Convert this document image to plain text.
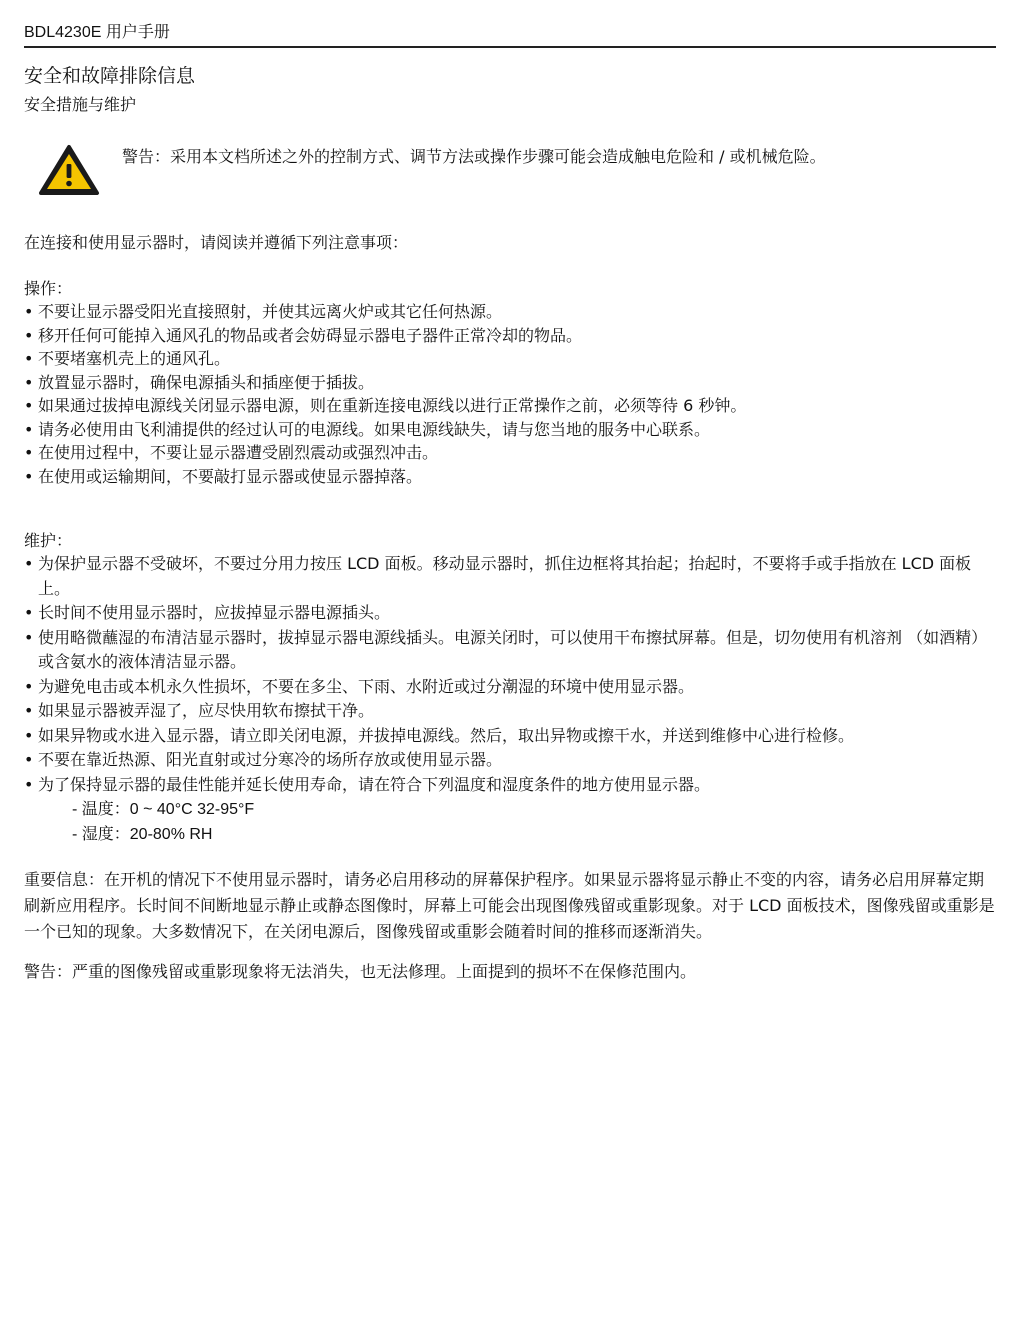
BDL4230E 用户手册
安全和故障排除信息
安全措施与维护
警告：采用本文档所述之外的控制方式、调节方法或操作步骤可能会造成触电危险和 / 或机械危险。
在连接和使用显示器时，请阅读并遵循下列注意事项：
操作：
• 不要让显示器受阳光直接照射，并使其远离火炉或其它任何热源。
• 移开任何可能掉入通风孔的物品或者会妨碍显示器电子器件正常冷却的物品。
• 不要堵塞机壳上的通风孔。
• 放置显示器时，确保电源插头和插座便于插拔。
• 如果通过拔掉电源线关闭显示器电源，则在重新连接电源线以进行正常操作之前，必须等待 6 秒钟。
• 请务必使用由飞利浦提供的经过认可的电源线。如果电源线缺失，请与您当地的服务中心联系。
• 在使用过程中，不要让显示器遭受剧烈震动或强烈冲击。
• 在使用或运输期间，不要敲打显示器或使显示器掉落。
维护：
• 为保护显示器不受破坏，不要过分用力按压 LCD 面板。移动显示器时，抓住边框将其抬起；抬起时，不要将手或手指放在 LCD 面板上。
• 长时间不使用显示器时，应拔掉显示器电源插头。
• 使用略微蘸湿的布清洁显示器时，拔掉显示器电源线插头。电源关闭时，可以使用干布擦拭屏幕。但是，切勿使用有机溶剂 （如酒精）或含氨水的液体清洁显示器。
• 为避免电击或本机永久性损坏，不要在多尘、下雨、水附近或过分潮湿的环境中使用显示器。
• 如果显示器被弄湿了，应尽快用软布擦拭干净。
• 如果异物或水进入显示器，请立即关闭电源，并拔掉电源线。然后，取出异物或擦干水，并送到维修中心进行检修。
• 不要在靠近热源、阳光直射或过分寒冷的场所存放或使用显示器。
• 为了保持显示器的最佳性能并延长使用寿命，请在符合下列温度和湿度条件的地方使用显示器。
- 温度：0 ~ 40°C 32-95°F
- 湿度：20-80% RH
重要信息：在开机的情况下不使用显示器时，请务必启用移动的屏幕保护程序。如果显示器将显示静止不变的内容，请务必启用屏幕定期刷新应用程序。长时间不间断地显示静止或静态图像时，屏幕上可能会出现图像残留或重影现象。对于 LCD 面板技术，图像残留或重影是一个已知的现象。大多数情况下，在关闭电源后，图像残留或重影会随着时间的推移而逐渐消失。
警告：严重的图像残留或重影现象将无法消失，也无法修理。上面提到的损坏不在保修范围内。
